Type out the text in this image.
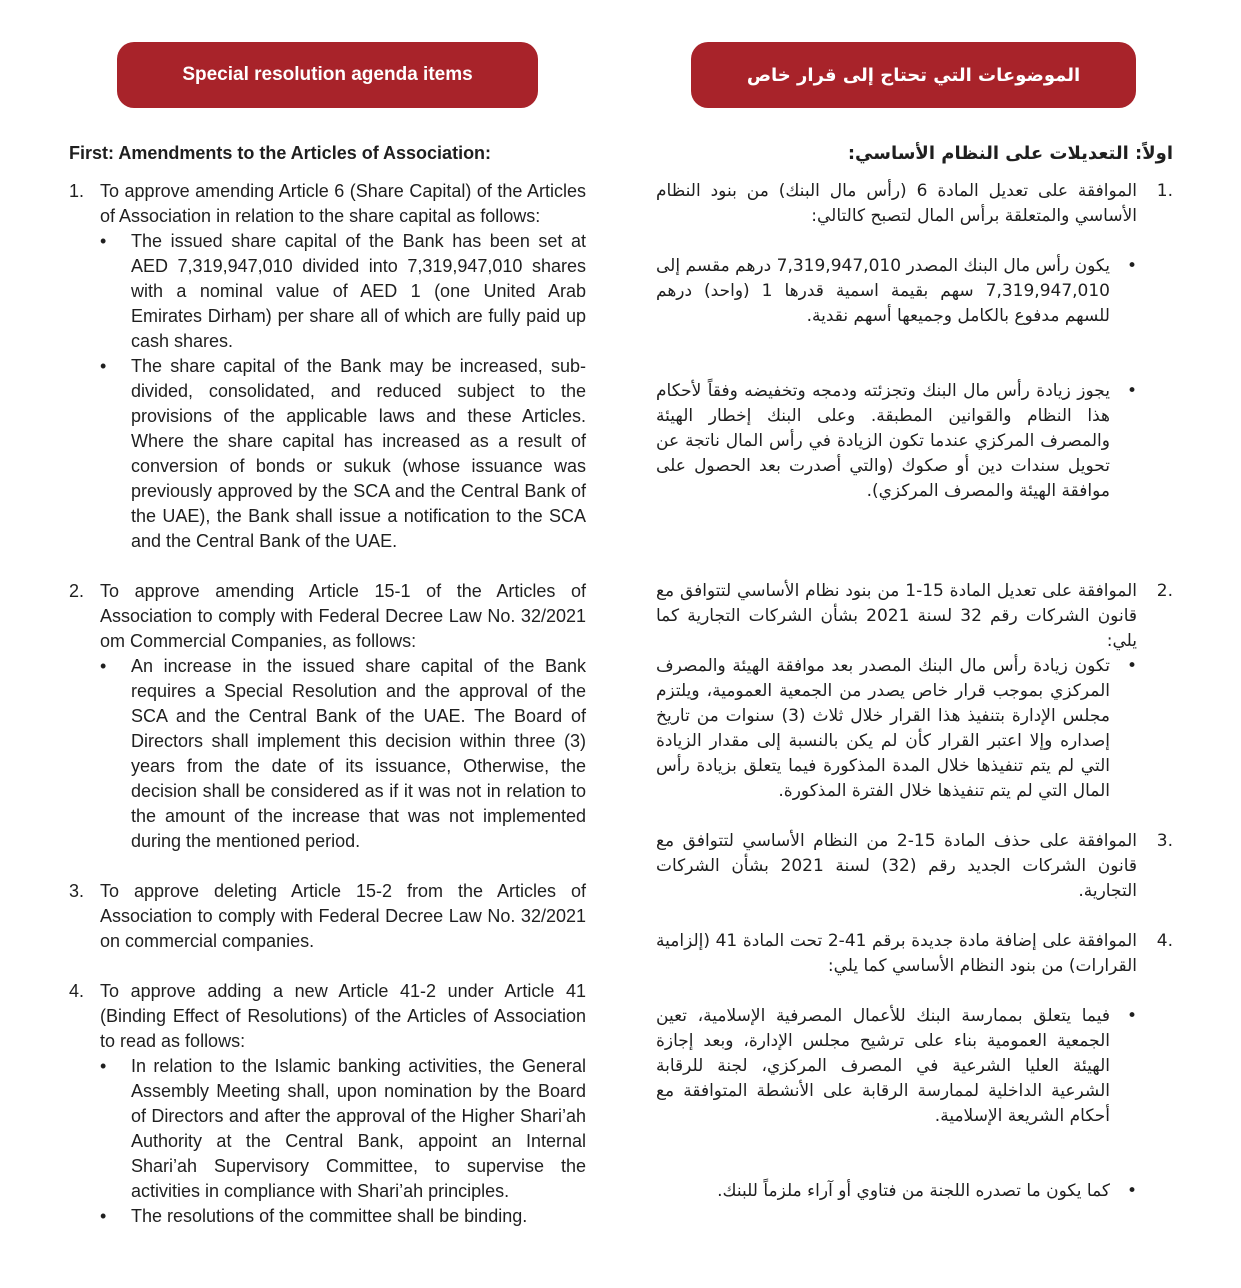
Special resolution agenda items	الموضوعات التي تحتاج إلى قرار خاص
First: Amendments to the Articles of Association:
1. To approve amending Article 6 (Share Capital) of the Articles of Association in relation to the share capital as follows:
• The issued share capital of the Bank has been set at AED 7,319,947,010 divided into 7,319,947,010 shares with a nominal value of AED 1 (one United Arab Emirates Dirham) per share all of which are fully paid up cash shares.
• The share capital of the Bank may be increased, sub-divided, consolidated, and reduced subject to the provisions of the applicable laws and these Articles. Where the share capital has increased as a result of conversion of bonds or sukuk (whose issuance was previously approved by the SCA and the Central Bank of the UAE), the Bank shall issue a notification to the SCA and the Central Bank of the UAE.
2. To approve amending Article 15-1 of the Articles of Association to comply with Federal Decree Law No. 32/2021 om Commercial Companies, as follows:
• An increase in the issued share capital of the Bank requires a Special Resolution and the approval of the SCA and the Central Bank of the UAE. The Board of Directors shall implement this decision within three (3) years from the date of its issuance, Otherwise, the decision shall be considered as if it was not in relation to the amount of the increase that was not implemented during the mentioned period.
3. To approve deleting Article 15-2 from the Articles of Association to comply with Federal Decree Law No. 32/2021 on commercial companies.
4. To approve adding a new Article 41-2 under Article 41 (Binding Effect of Resolutions) of the Articles of Association to read as follows:
• In relation to the Islamic banking activities, the General Assembly Meeting shall, upon nomination by the Board of Directors and after the approval of the Higher Shari’ah Authority at the Central Bank, appoint an Internal Shari’ah Supervisory Committee, to supervise the activities in compliance with Shari’ah principles.
• The resolutions of the committee shall be binding.
اولاً: التعديلات على النظام الأساسي:
.1
الموافقة على تعديل المادة 6 (رأس مال البنك) من بنود النظام الأساسي والمتعلقة برأس المال لتصبح كالتالي:
•
يكون رأس مال البنك المصدر 7,319,947,010 درهم مقسم إلى 7,319,947,010 سهم بقيمة اسمية قدرها 1 (واحد) درهم للسهم مدفوع بالكامل وجميعها أسهم نقدية.
•
يجوز زيادة رأس مال البنك وتجزئته ودمجه وتخفيضه وفقاً لأحكام هذا النظام والقوانين المطبقة. وعلى البنك إخطار الهيئة والمصرف المركزي عندما تكون الزيادة في رأس المال ناتجة عن تحويل سندات دين أو صكوك (والتي أصدرت بعد الحصول على موافقة الهيئة والمصرف المركزي).
.2
الموافقة على تعديل المادة 15-1 من بنود نظام الأساسي لتتوافق مع قانون الشركات رقم 32 لسنة 2021 بشأن الشركات التجارية كما يلي:
•
تكون زيادة رأس مال البنك المصدر بعد موافقة الهيئة والمصرف المركزي بموجب قرار خاص يصدر من الجمعية العمومية، ويلتزم مجلس الإدارة بتنفيذ هذا القرار خلال ثلاث (3) سنوات من تاريخ إصداره وإلا اعتبر القرار كأن لم يكن بالنسبة إلى مقدار الزيادة التي لم يتم تنفيذها خلال المدة المذكورة فيما يتعلق بزيادة رأس المال التي لم يتم تنفيذها خلال الفترة المذكورة.
.3
الموافقة على حذف المادة 15-2 من النظام الأساسي لتتوافق مع قانون الشركات الجديد رقم (32) لسنة 2021 بشأن الشركات التجارية.
.4
الموافقة على إضافة مادة جديدة برقم 41-2 تحت المادة 41 (إلزامية القرارات) من بنود النظام الأساسي كما يلي:
•
فيما يتعلق بممارسة البنك للأعمال المصرفية الإسلامية، تعين الجمعية العمومية بناء على ترشيح مجلس الإدارة، وبعد إجازة الهيئة العليا الشرعية في المصرف المركزي، لجنة للرقابة الشرعية الداخلية لممارسة الرقابة على الأنشطة المتوافقة مع أحكام الشريعة الإسلامية.
•
كما يكون ما تصدره اللجنة من فتاوي أو آراء ملزماً للبنك.
